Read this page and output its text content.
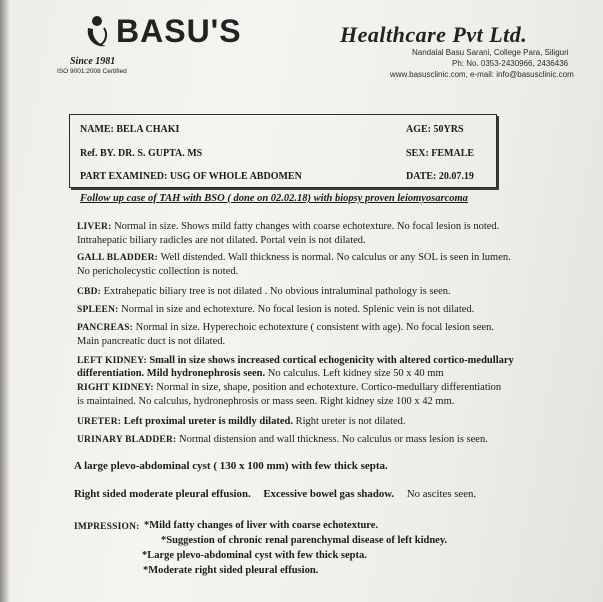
BASU'S
Since 1981
ISO 9001:2008 Certified
Healthcare Pvt Ltd.
Nandalal Basu Sarani, College Para, Siliguri
Ph: No. 0353-2430966, 2436436
www.basusclinic.com, e-mail: info@basusclinic.com
NAME: BELA CHAKI	AGE: 50YRS
Ref. BY. DR. S. GUPTA. MS	SEX: FEMALE
PART EXAMINED: USG OF WHOLE ABDOMEN	DATE: 20.07.19
Follow up case of TAH with BSO ( done on 02.02.18) with biopsy proven leiomyosarcoma
LIVER: Normal in size. Shows mild fatty changes with coarse echotexture. No focal lesion is noted.
Intrahepatic biliary radicles are not dilated. Portal vein is not dilated.
GALL BLADDER: Well distended. Wall thickness is normal. No calculus or any SOL is seen in lumen.
No pericholecystic collection is noted.
CBD: Extrahepatic biliary tree is not dilated . No obvious intraluminal pathology is seen.
SPLEEN: Normal in size and echotexture. No focal lesion is noted. Splenic vein is not dilated.
PANCREAS: Normal in size. Hyperechoic echotexture ( consistent with age). No focal lesion seen.
Main pancreatic duct is not dilated.
LEFT KIDNEY: Small in size shows increased cortical echogenicity with altered cortico-medullary
differentiation. Mild hydronephrosis seen. No calculus. Left kidney size 50 x 40 mm
RIGHT KIDNEY: Normal in size, shape, position and echotexture. Cortico-medullary differentiation
is maintained. No calculus, hydronephrosis or mass seen. Right kidney size 100 x 42 mm.
URETER: Left proximal ureter is mildly dilated. Right ureter is not dilated.
URINARY BLADDER: Normal distension and wall thickness. No calculus or mass lesion is seen.
A large plevo-abdominal cyst ( 130 x 100 mm) with few thick septa.
Right sided moderate pleural effusion. Excessive bowel gas shadow. No ascites seen.
IMPRESSION: *Mild fatty changes of liver with coarse echotexture.
*Suggestion of chronic renal parenchymal disease of left kidney.
*Large plevo-abdominal cyst with few thick septa.
*Moderate right sided pleural effusion.
